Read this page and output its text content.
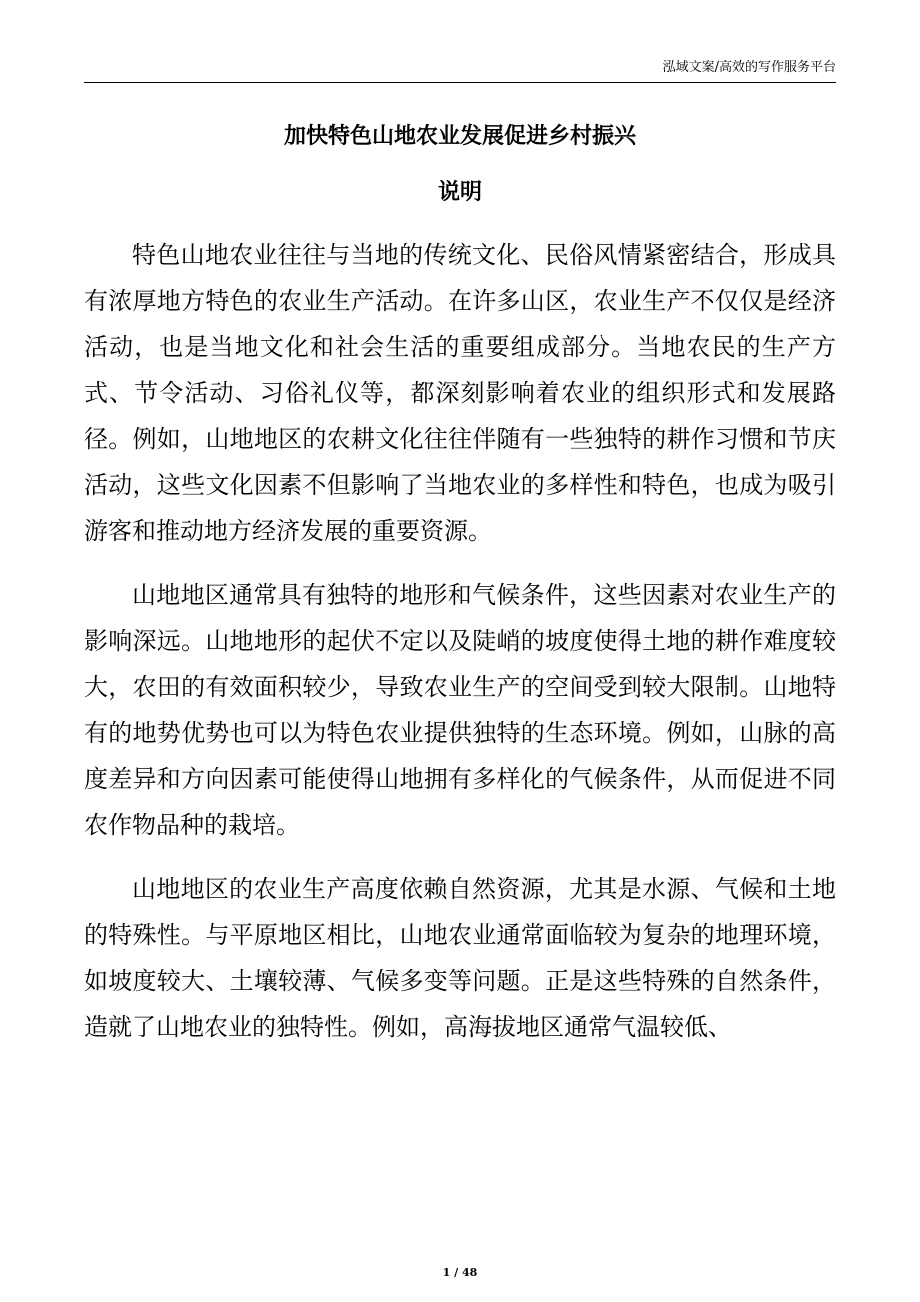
泓域文案/高效的写作服务平台
加快特色山地农业发展促进乡村振兴
说明

特色山地农业往往与当地的传统文化、民俗风情紧密结合，形成具有浓厚地方特色的农业生产活动。在许多山区，农业生产不仅仅是经济活动，也是当地文化和社会生活的重要组成部分。当地农民的生产方式、节令活动、习俗礼仪等，都深刻影响着农业的组织形式和发展路径。例如，山地地区的农耕文化往往伴随有一些独特的耕作习惯和节庆活动，这些文化因素不但影响了当地农业的多样性和特色，也成为吸引游客和推动地方经济发展的重要资源。

山地地区通常具有独特的地形和气候条件，这些因素对农业生产的影响深远。山地地形的起伏不定以及陡峭的坡度使得土地的耕作难度较大，农田的有效面积较少，导致农业生产的空间受到较大限制。山地特有的地势优势也可以为特色农业提供独特的生态环境。例如，山脉的高度差异和方向因素可能使得山地拥有多样化的气候条件，从而促进不同农作物品种的栽培。

山地地区的农业生产高度依赖自然资源，尤其是水源、气候和土地的特殊性。与平原地区相比，山地农业通常面临较为复杂的地理环境，如坡度较大、土壤较薄、气候多变等问题。正是这些特殊的自然条件，造就了山地农业的独特性。例如，高海拔地区通常气温较低、

1 / 48
